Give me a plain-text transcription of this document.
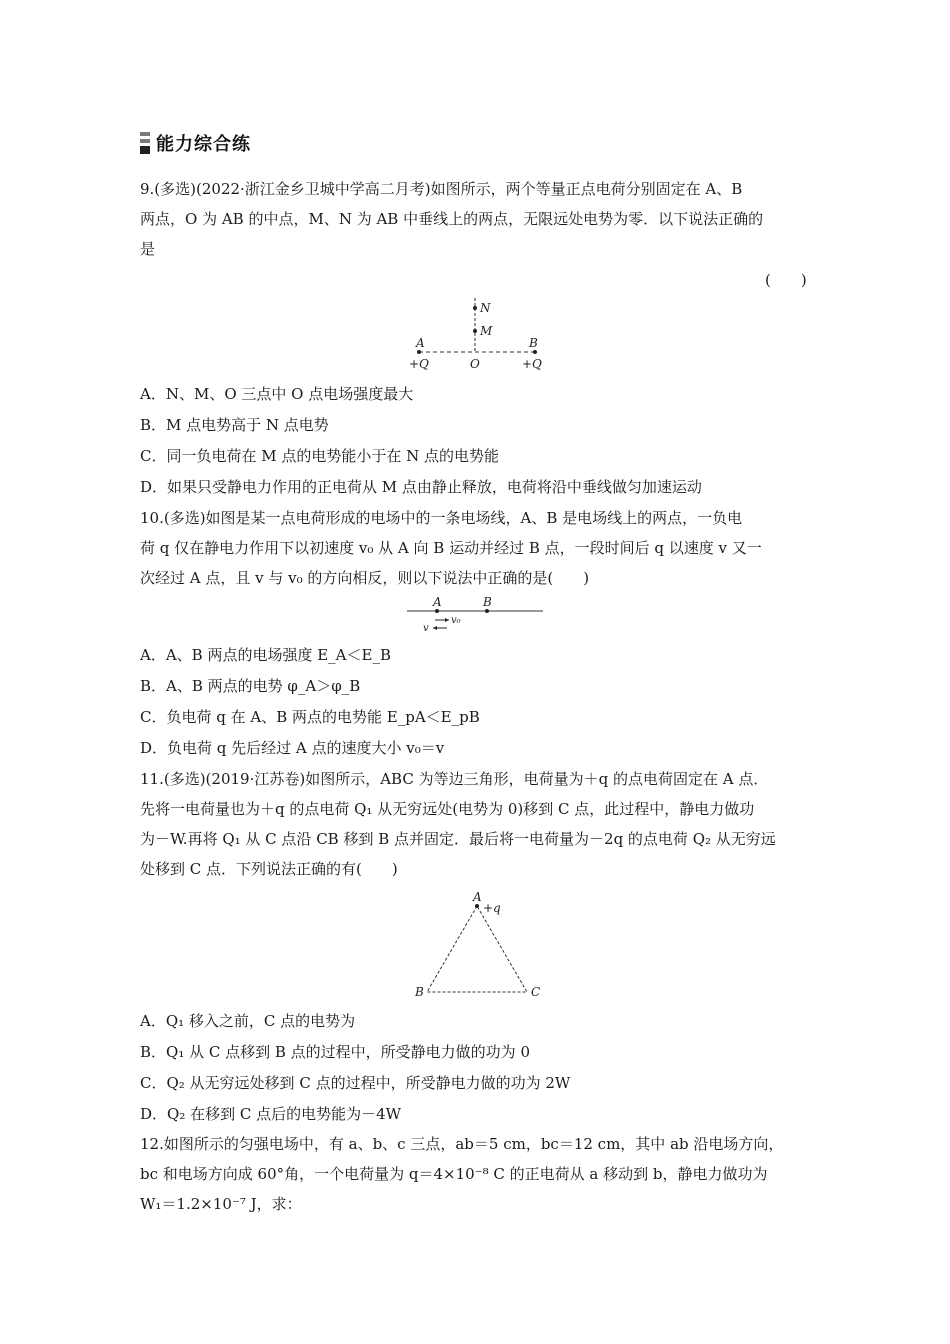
能力综合练
9.(多选)(2022·浙江金乡卫城中学高二月考)如图所示，两个等量正点电荷分别固定在 A、B
两点，O 为 AB 的中点，M、N 为 AB 中垂线上的两点，无限远处电势为零．以下说法正确的
是
(　　)
N
M
A	B
O
+Q	+Q
A．N、M、O 三点中 O 点电场强度最大
B．M 点电势高于 N 点电势
C．同一负电荷在 M 点的电势能小于在 N 点的电势能
D．如果只受静电力作用的正电荷从 M 点由静止释放，电荷将沿中垂线做匀加速运动
10.(多选)如图是某一点电荷形成的电场中的一条电场线，A、B 是电场线上的两点，一负电
荷 q 仅在静电力作用下以初速度 v₀ 从 A 向 B 运动并经过 B 点，一段时间后 q 以速度 v 又一
次经过 A 点，且 v 与 v₀ 的方向相反，则以下说法中正确的是(　　)
A	B
v₀
v
A．A、B 两点的电场强度 E_A＜E_B
B．A、B 两点的电势 φ_A＞φ_B
C．负电荷 q 在 A、B 两点的电势能 E_pA＜E_pB
D．负电荷 q 先后经过 A 点的速度大小 v₀＝v
11.(多选)(2019·江苏卷)如图所示，ABC 为等边三角形，电荷量为＋q 的点电荷固定在 A 点．
先将一电荷量也为＋q 的点电荷 Q₁ 从无穷远处(电势为 0)移到 C 点，此过程中，静电力做功
为－W.再将 Q₁ 从 C 点沿 CB 移到 B 点并固定．最后将一电荷量为－2q 的点电荷 Q₂ 从无穷远
处移到 C 点．下列说法正确的有(　　)
A
+q
B	C
A．Q₁ 移入之前，C 点的电势为
B．Q₁ 从 C 点移到 B 点的过程中，所受静电力做的功为 0
C．Q₂ 从无穷远处移到 C 点的过程中，所受静电力做的功为 2W
D．Q₂ 在移到 C 点后的电势能为－4W
12.如图所示的匀强电场中，有 a、b、c 三点，ab＝5 cm，bc＝12 cm，其中 ab 沿电场方向，
bc 和电场方向成 60°角，一个电荷量为 q＝4×10⁻⁸ C 的正电荷从 a 移动到 b，静电力做功为
W₁＝1.2×10⁻⁷ J，求：
